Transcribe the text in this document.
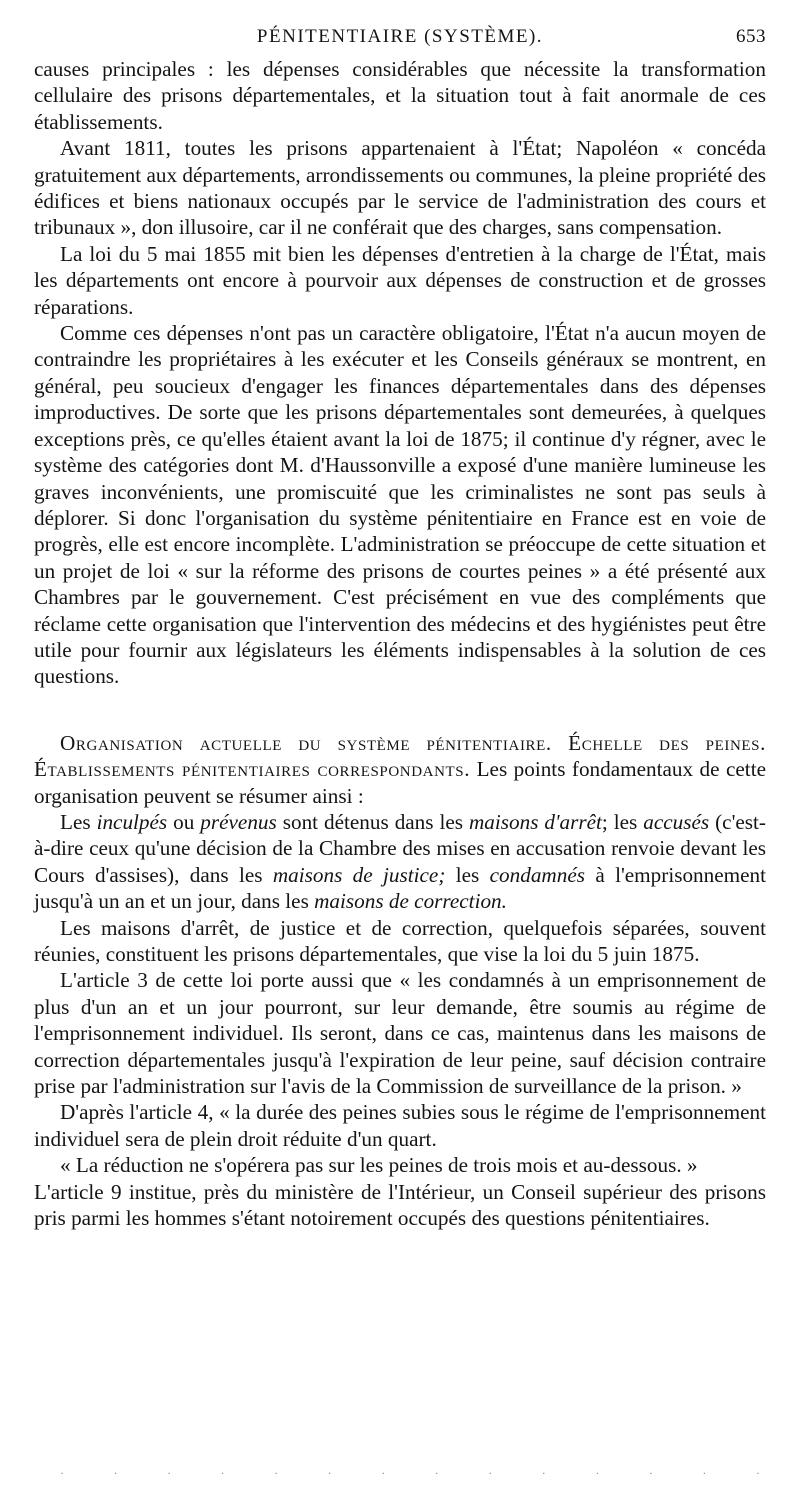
PÉNITENTIAIRE (SYSTÈME).	653

causes principales : les dépenses considérables que nécessite la transformation cellulaire des prisons départementales, et la situation tout à fait anormale de ces établissements.

Avant 1811, toutes les prisons appartenaient à l'État; Napoléon « concéda gratuitement aux départements, arrondissements ou communes, la pleine propriété des édifices et biens nationaux occupés par le service de l'administration des cours et tribunaux », don illusoire, car il ne conférait que des charges, sans compensation.

La loi du 5 mai 1855 mit bien les dépenses d'entretien à la charge de l'État, mais les départements ont encore à pourvoir aux dépenses de construction et de grosses réparations.

Comme ces dépenses n'ont pas un caractère obligatoire, l'État n'a aucun moyen de contraindre les propriétaires à les exécuter et les Conseils généraux se montrent, en général, peu soucieux d'engager les finances départementales dans des dépenses improductives. De sorte que les prisons départementales sont demeurées, à quelques exceptions près, ce qu'elles étaient avant la loi de 1875; il continue d'y régner, avec le système des catégories dont M. d'Haussonville a exposé d'une manière lumineuse les graves inconvénients, une promiscuité que les criminalistes ne sont pas seuls à déplorer. Si donc l'organisation du système pénitentiaire en France est en voie de progrès, elle est encore incomplète. L'administration se préoccupe de cette situation et un projet de loi « sur la réforme des prisons de courtes peines » a été présenté aux Chambres par le gouvernement. C'est précisément en vue des compléments que réclame cette organisation que l'intervention des médecins et des hygiénistes peut être utile pour fournir aux législateurs les éléments indispensables à la solution de ces questions.

Organisation actuelle du système pénitentiaire. Échelle des peines. Établissements pénitentiaires correspondants. Les points fondamentaux de cette organisation peuvent se résumer ainsi :

Les inculpés ou prévenus sont détenus dans les maisons d'arrêt; les accusés (c'est-à-dire ceux qu'une décision de la Chambre des mises en accusation renvoie devant les Cours d'assises), dans les maisons de justice; les condamnés à l'emprisonnement jusqu'à un an et un jour, dans les maisons de correction.

Les maisons d'arrêt, de justice et de correction, quelquefois séparées, souvent réunies, constituent les prisons départementales, que vise la loi du 5 juin 1875.

L'article 3 de cette loi porte aussi que « les condamnés à un emprisonnement de plus d'un an et un jour pourront, sur leur demande, être soumis au régime de l'emprisonnement individuel. Ils seront, dans ce cas, maintenus dans les maisons de correction départementales jusqu'à l'expiration de leur peine, sauf décision contraire prise par l'administration sur l'avis de la Commission de surveillance de la prison. »

D'après l'article 4, « la durée des peines subies sous le régime de l'emprisonnement individuel sera de plein droit réduite d'un quart.

« La réduction ne s'opérera pas sur les peines de trois mois et au-dessous. »

L'article 9 institue, près du ministère de l'Intérieur, un Conseil supérieur des prisons pris parmi les hommes s'étant notoirement occupés des questions pénitentiaires.

·	·	·	·	·	·	·	·	·	·	·	·	·	·
